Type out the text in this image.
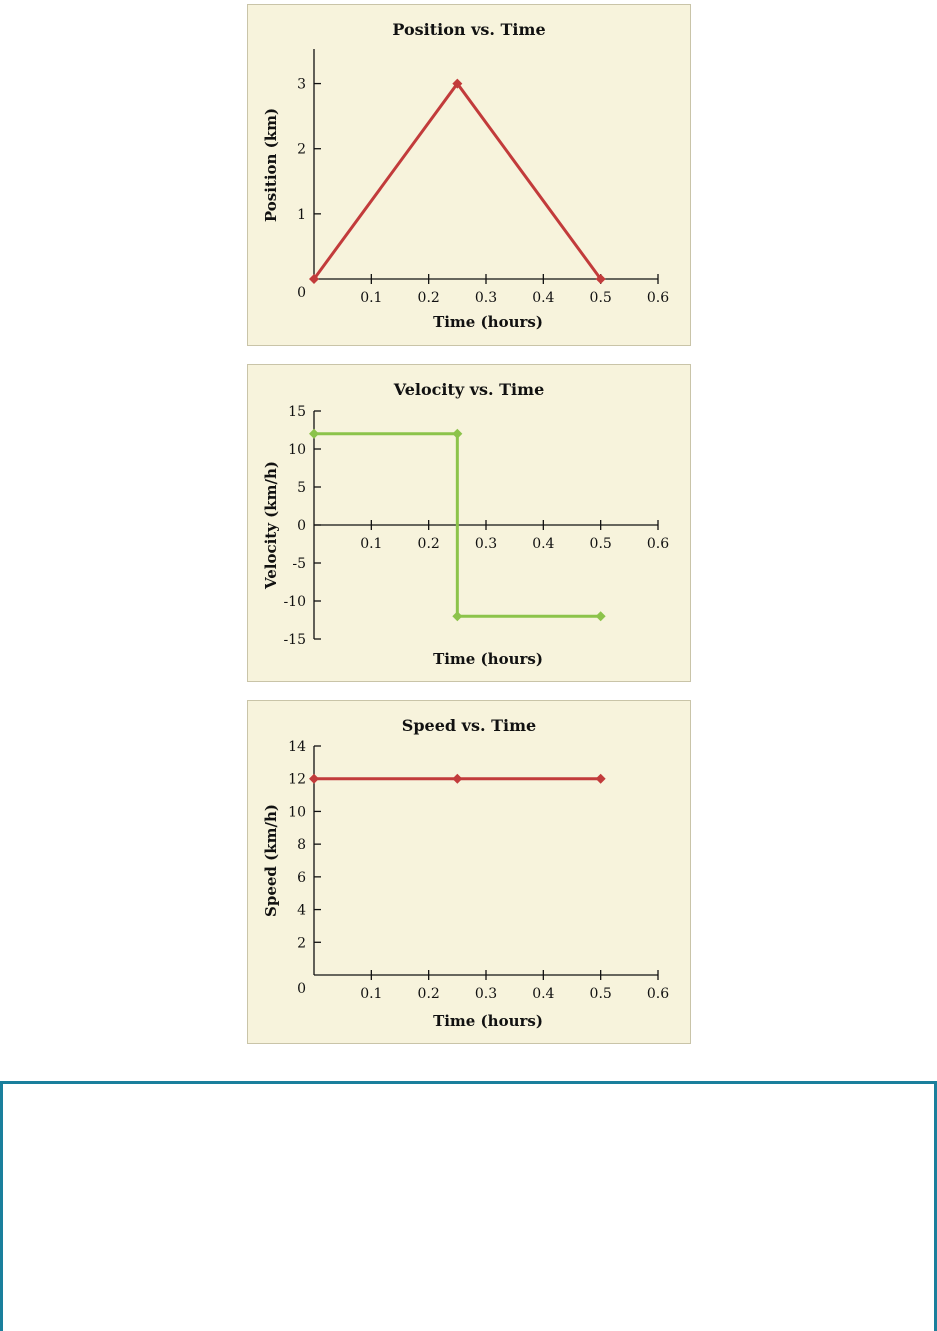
Position vs. Time
0.1	0.2	0.3	0.4	0.5	0.6
0
1
2
3
Time (hours)
Position (km)
Velocity vs. Time
0.1	0.2	0.3	0.4	0.5	0.6
15
10
5
0
-5
-10
-15
Time (hours)
Velocity (km/h)
Speed vs. Time
0.1	0.2	0.3	0.4	0.5	0.6
14
12
10
8
6
4
2
0
Time (hours)
Speed (km/h)
